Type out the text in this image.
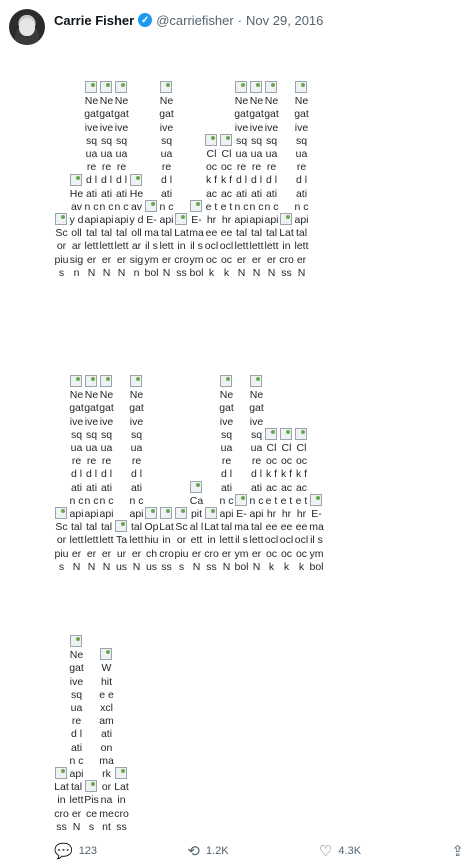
Carrie Fisher ✓ @carriefisher · Nov 29, 2016
Scorpius
Heavy dollar sign
Negative squared latin capital letter N
Negative squared latin capital letter N
Negative squared latin capital letter N
Heavy dollar sign
E-mail symbol
Negative squared latin capital letter N
Latin cross
E-mail symbol
Clock face three oclock
Clock face three oclock
Negative squared latin capital letter N
Negative squared latin capital letter N
Negative squared latin capital letter N
Latin cross
Negative squared latin capital letter N
Scorpius
Negative squared latin capital letter N
Negative squared latin capital letter N
Negative squared latin capital letter N
Taurus
Negative squared latin capital letter N
Ophiuchus
Latin cross
Scorpius
Capital letter N
Latin cross
Negative squared latin capital letter N
E-mail symbol
Negative squared latin capital letter N
Clock face three oclock
Clock face three oclock
Clock face three oclock
E-mail symbol
Latin cross
Negative squared latin capital letter N
Pisces
White exclamation mark ornament
Latin cross
💬 123	⟲ 1.2K	♡ 4.3K	⇪
